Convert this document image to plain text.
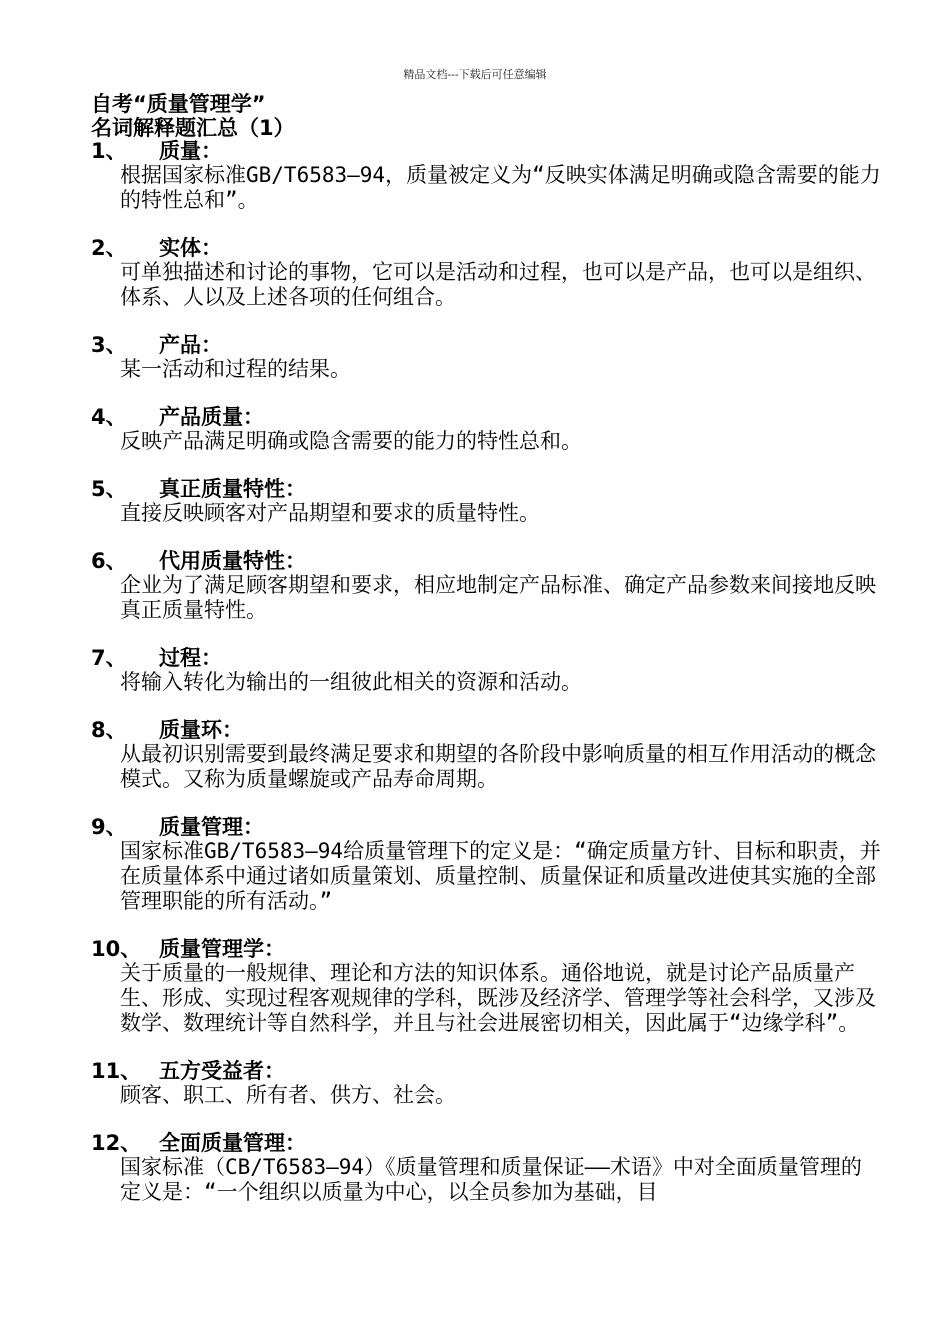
精品文档---下载后可任意编辑

自考“质量管理学”

名词解释题汇总（1）

1、	质量：

根据国家标准GB/T6583—94，质量被定义为“反映实体满足明确或隐含需要的能力的特性总和”。

2、	实体：

可单独描述和讨论的事物，它可以是活动和过程，也可以是产品，也可以是组织、体系、人以及上述各项的任何组合。

3、	产品：

某一活动和过程的结果。

4、	产品质量：

反映产品满足明确或隐含需要的能力的特性总和。

5、	真正质量特性：

直接反映顾客对产品期望和要求的质量特性。

6、	代用质量特性：

企业为了满足顾客期望和要求，相应地制定产品标准、确定产品参数来间接地反映真正质量特性。

7、	过程：

将输入转化为输出的一组彼此相关的资源和活动。

8、	质量环：

从最初识别需要到最终满足要求和期望的各阶段中影响质量的相互作用活动的概念模式。又称为质量螺旋或产品寿命周期。

9、	质量管理：

国家标准GB/T6583—94给质量管理下的定义是：“确定质量方针、目标和职责，并在质量体系中通过诸如质量策划、质量控制、质量保证和质量改进使其实施的全部管理职能的所有活动。”

10、 质量管理学：

关于质量的一般规律、理论和方法的知识体系。通俗地说，就是讨论产品质量产生、形成、实现过程客观规律的学科，既涉及经济学、管理学等社会科学，又涉及数学、数理统计等自然科学，并且与社会进展密切相关，因此属于“边缘学科”。

11、 五方受益者：

顾客、职工、所有者、供方、社会。

12、 全面质量管理：

国家标准（CB/T6583—94）《质量管理和质量保证——术语》中对全面质量管理的定义是：“一个组织以质量为中心，以全员参加为基础，目
